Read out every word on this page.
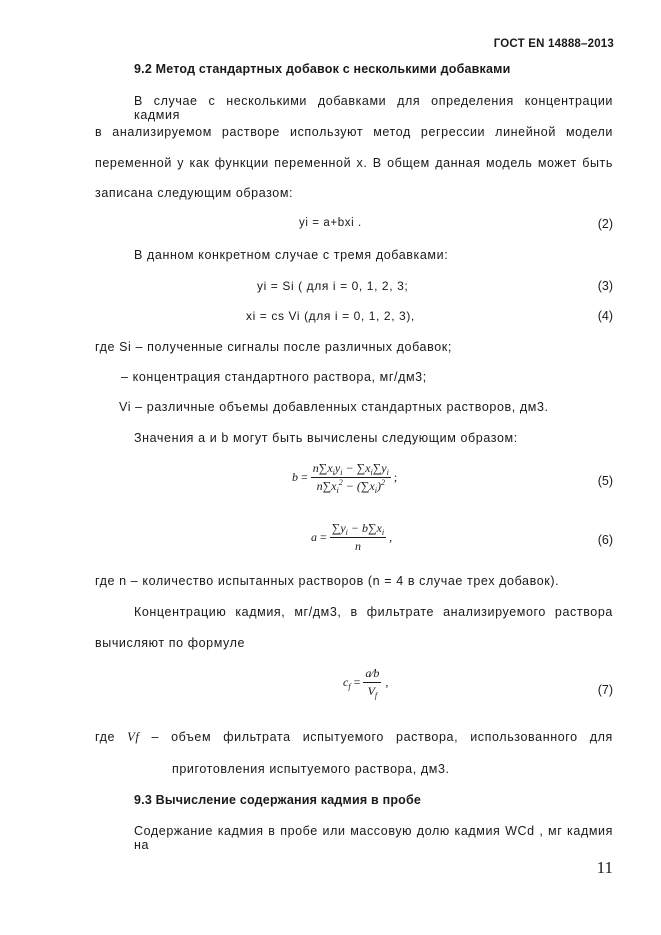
ГОСТ EN 14888–2013
9.2 Метод стандартных добавок с несколькими добавками
В случае с несколькими добавками для определения концентрации кадмия
в анализируемом растворе используют метод регрессии линейной модели
переменной y как функции переменной x. В общем данная модель может быть
записана следующим образом:
yi = a+bxi .	(2)
В данном конкретном случае с тремя добавками:
yi = Si ( для i = 0, 1, 2, 3;	(3)
xi = cs Vi (для i = 0, 1, 2, 3),	(4)
где Si – полученные сигналы после различных добавок;
– концентрация стандартного раствора, мг/дм3;
Vi – различные объемы добавленных стандартных растворов, дм3.
Значения a и b могут быть вычислены следующим образом:
$b = \frac{n\sum x_iy_i - \sum x_i\sum y_i}{n\sum x_i^2 - (\sum x_i)^2}$ ;	(5)
$a = \frac{\sum y_i - b\sum x_i}{n}$ ,	(6)
где n – количество испытанных растворов (n = 4 в случае трех добавок).
Концентрацию кадмия, мг/дм3, в фильтрате анализируемого раствора
вычисляют по формуле
$c_f = \frac{a⁄b}{V_f}$ ,
(7)
где Vf – объем фильтрата испытуемого раствора, использованного для
приготовления испытуемого раствора, дм3.
9.3 Вычисление содержания кадмия в пробе
Содержание кадмия в пробе или массовую долю кадмия WCd , мг кадмия на
11
